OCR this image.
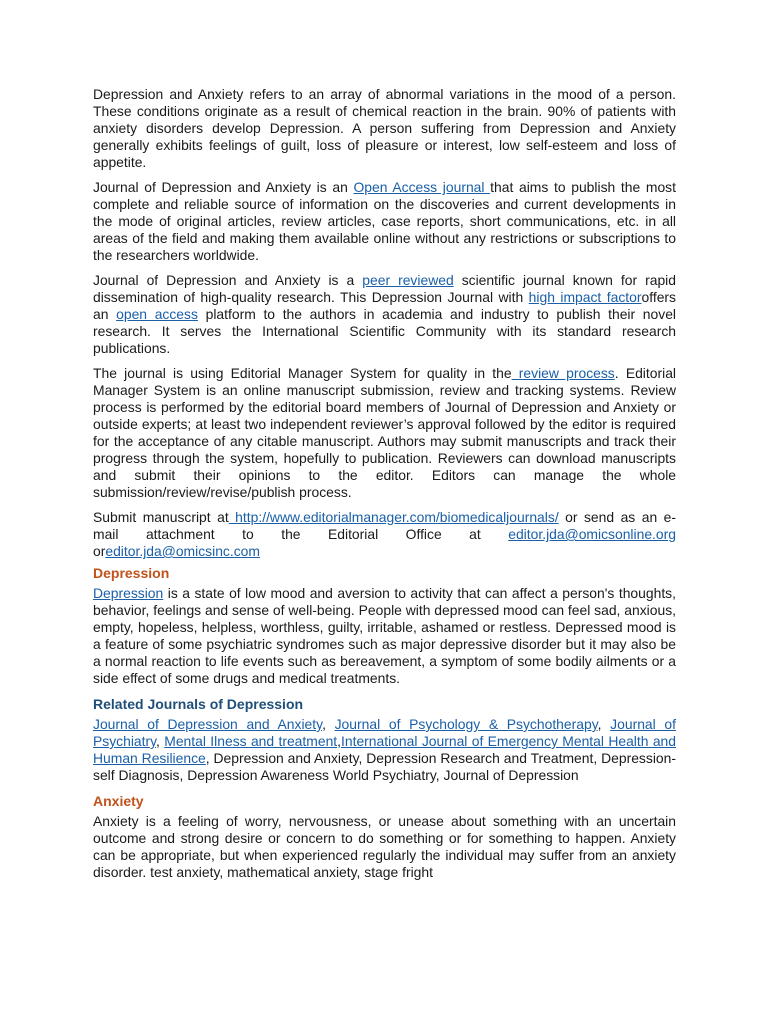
Depression and Anxiety refers to an array of abnormal variations in the mood of a person. These conditions originate as a result of chemical reaction in the brain. 90% of patients with anxiety disorders develop Depression. A person suffering from Depression and Anxiety generally exhibits feelings of guilt, loss of pleasure or interest, low self-esteem and loss of appetite.

Journal of Depression and Anxiety is an Open Access journal that aims to publish the most complete and reliable source of information on the discoveries and current developments in the mode of original articles, review articles, case reports, short communications, etc. in all areas of the field and making them available online without any restrictions or subscriptions to the researchers worldwide.

Journal of Depression and Anxiety is a peer reviewed scientific journal known for rapid dissemination of high-quality research. This Depression Journal with high impact factoroffers an open access platform to the authors in academia and industry to publish their novel research. It serves the International Scientific Community with its standard research publications.

The journal is using Editorial Manager System for quality in the review process. Editorial Manager System is an online manuscript submission, review and tracking systems. Review process is performed by the editorial board members of Journal of Depression and Anxiety or outside experts; at least two independent reviewer’s approval followed by the editor is required for the acceptance of any citable manuscript. Authors may submit manuscripts and track their progress through the system, hopefully to publication. Reviewers can download manuscripts and submit their opinions to the editor. Editors can manage the whole submission/review/revise/publish process.

Submit manuscript at http://www.editorialmanager.com/biomedicaljournals/ or send as an e-mail attachment to the Editorial Office at editor.jda@omicsonline.org oreditor.jda@omicsinc.com

Depression

Depression is a state of low mood and aversion to activity that can affect a person's thoughts, behavior, feelings and sense of well-being. People with depressed mood can feel sad, anxious, empty, hopeless, helpless, worthless, guilty, irritable, ashamed or restless. Depressed mood is a feature of some psychiatric syndromes such as major depressive disorder but it may also be a normal reaction to life events such as bereavement, a symptom of some bodily ailments or a side effect of some drugs and medical treatments.

Related Journals of Depression

Journal of Depression and Anxiety, Journal of Psychology & Psychotherapy, Journal of Psychiatry, Mental Ilness and treatment,International Journal of Emergency Mental Health and Human Resilience, Depression and Anxiety, Depression Research and Treatment, Depression-self Diagnosis, Depression Awareness World Psychiatry, Journal of Depression

Anxiety

Anxiety is a feeling of worry, nervousness, or unease about something with an uncertain outcome and strong desire or concern to do something or for something to happen. Anxiety can be appropriate, but when experienced regularly the individual may suffer from an anxiety disorder. test anxiety, mathematical anxiety, stage fright
